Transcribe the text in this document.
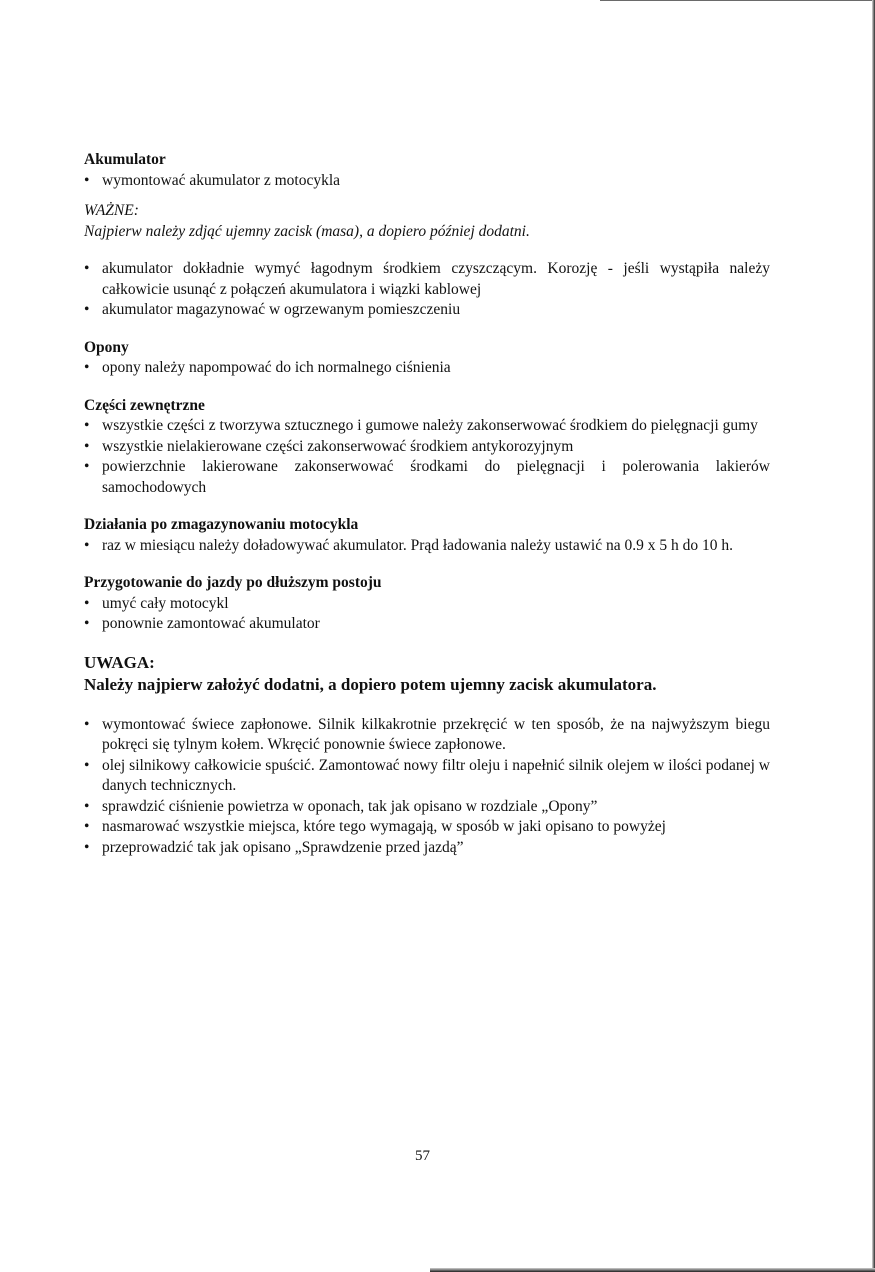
Akumulator

• wymontować akumulator z motocykla

WAŻNE:

Najpierw należy zdjąć ujemny zacisk (masa), a dopiero później dodatni.

• akumulator dokładnie wymyć łagodnym środkiem czyszczącym. Korozję - jeśli wystąpiła należy całkowicie usunąć z połączeń akumulatora i wiązki kablowej
• akumulator magazynować w ogrzewanym pomieszczeniu

Opony

• opony należy napompować do ich normalnego ciśnienia

Części zewnętrzne

• wszystkie części z tworzywa sztucznego i gumowe należy zakonserwować środkiem do pielęgnacji gumy
• wszystkie nielakierowane części zakonserwować środkiem antykorozyjnym
• powierzchnie lakierowane zakonserwować środkami do pielęgnacji i polerowania lakierów samochodowych

Działania po zmagazynowaniu motocykla

• raz w miesiącu należy doładowywać akumulator. Prąd ładowania należy ustawić na 0.9 x 5 h do 10 h.

Przygotowanie do jazdy po dłuższym postoju

• umyć cały motocykl
• ponownie zamontować akumulator

UWAGA:

Należy najpierw założyć dodatni, a dopiero potem ujemny zacisk akumulatora.

• wymontować świece zapłonowe. Silnik kilkakrotnie przekręcić w ten sposób, że na najwyższym biegu pokręci się tylnym kołem. Wkręcić ponownie świece zapłonowe.
• olej silnikowy całkowicie spuścić. Zamontować nowy filtr oleju i napełnić silnik olejem w ilości podanej w danych technicznych.
• sprawdzić ciśnienie powietrza w oponach, tak jak opisano w rozdziale „Opony”
• nasmarować wszystkie miejsca, które tego wymagają, w sposób w jaki opisano to powyżej
• przeprowadzić tak jak opisano „Sprawdzenie przed jazdą”
57
